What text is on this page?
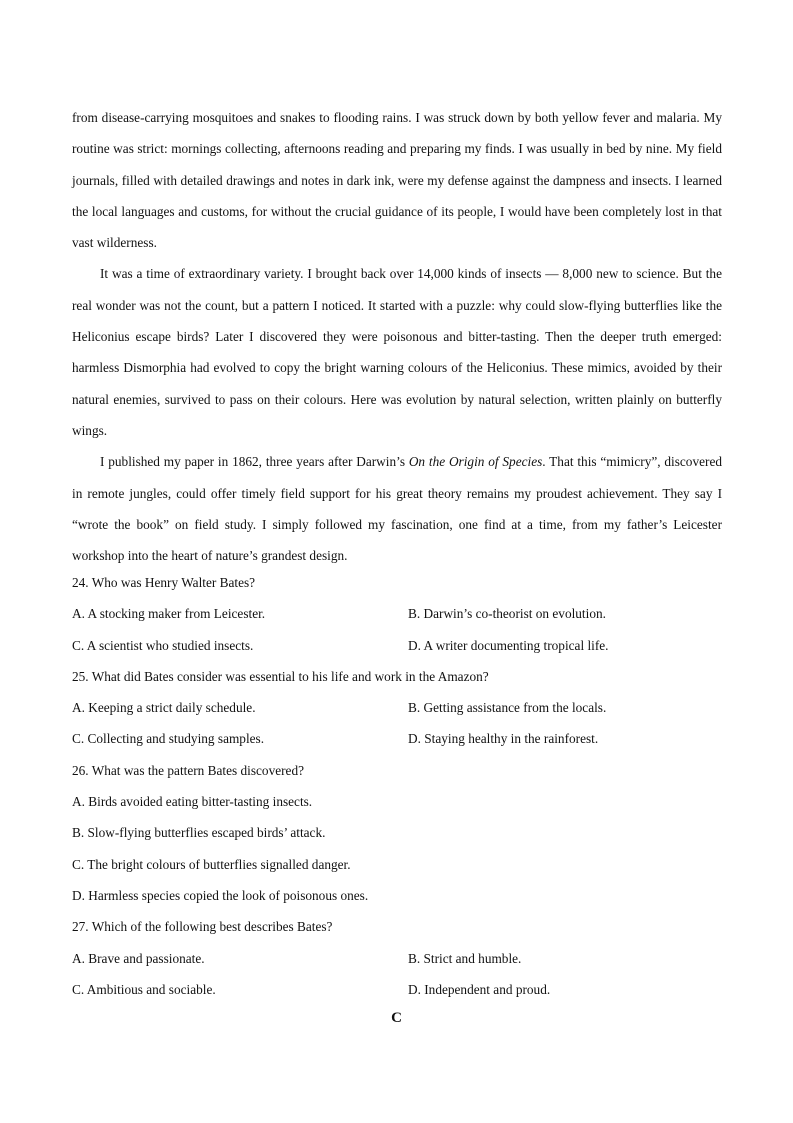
from disease-carrying mosquitoes and snakes to flooding rains. I was struck down by both yellow fever and malaria. My routine was strict: mornings collecting, afternoons reading and preparing my finds. I was usually in bed by nine. My field journals, filled with detailed drawings and notes in dark ink, were my defense against the dampness and insects. I learned the local languages and customs, for without the crucial guidance of its people, I would have been completely lost in that vast wilderness.

It was a time of extraordinary variety. I brought back over 14,000 kinds of insects — 8,000 new to science. But the real wonder was not the count, but a pattern I noticed. It started with a puzzle: why could slow-flying butterflies like the Heliconius escape birds? Later I discovered they were poisonous and bitter-tasting. Then the deeper truth emerged: harmless Dismorphia had evolved to copy the bright warning colours of the Heliconius. These mimics, avoided by their natural enemies, survived to pass on their colours. Here was evolution by natural selection, written plainly on butterfly wings.

I published my paper in 1862, three years after Darwin’s On the Origin of Species. That this “mimicry”, discovered in remote jungles, could offer timely field support for his great theory remains my proudest achievement. They say I “wrote the book” on field study. I simply followed my fascination, one find at a time, from my father’s Leicester workshop into the heart of nature’s grandest design.

24. Who was Henry Walter Bates?
A. A stocking maker from Leicester.	B. Darwin’s co-theorist on evolution.
C. A scientist who studied insects.	D. A writer documenting tropical life.
25. What did Bates consider was essential to his life and work in the Amazon?
A. Keeping a strict daily schedule.	B. Getting assistance from the locals.
C. Collecting and studying samples.	D. Staying healthy in the rainforest.
26. What was the pattern Bates discovered?
A. Birds avoided eating bitter-tasting insects.
B. Slow-flying butterflies escaped birds’ attack.
C. The bright colours of butterflies signalled danger.
D. Harmless species copied the look of poisonous ones.
27. Which of the following best describes Bates?
A. Brave and passionate.	B. Strict and humble.
C. Ambitious and sociable.	D. Independent and proud.
C
